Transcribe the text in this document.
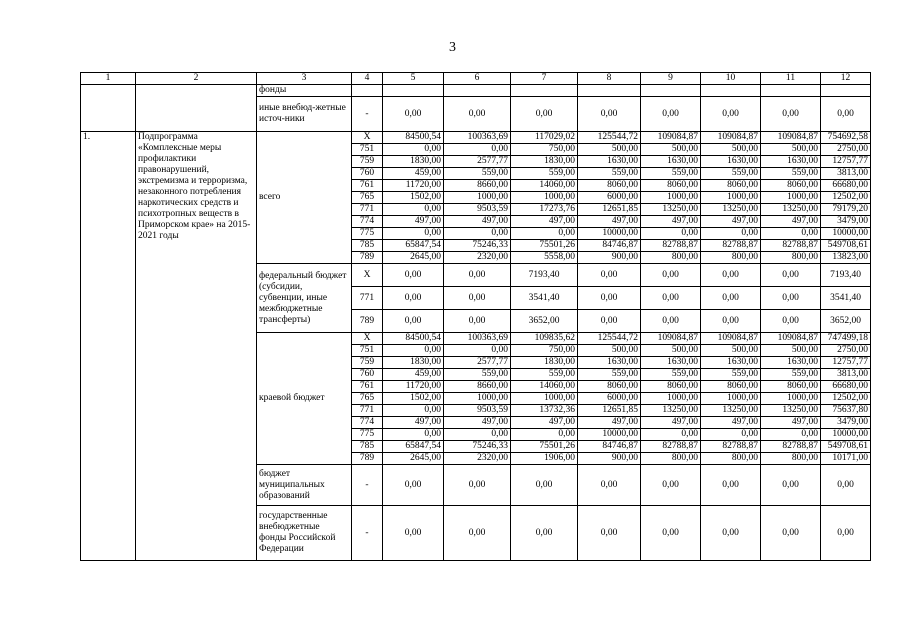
3
1	2	3	4	5	6	7	8	9	10	11	12
		фонды									
		иные внебюд-жетные источ-ники	-	0,00	0,00	0,00	0,00	0,00	0,00	0,00	0,00
1.	Подпрограмма «Комплексные меры профилактики правонарушений, экстремизма и терроризма, незаконного потребления наркотических средств и психотропных веществ в Приморском крае» на 2015-2021 годы	всего	Х	84500,54	100363,69	117029,02	125544,72	109084,87	109084,87	109084,87	754692,58
			751	0,00	0,00	750,00	500,00	500,00	500,00	500,00	2750,00
			759	1830,00	2577,77	1830,00	1630,00	1630,00	1630,00	1630,00	12757,77
			760	459,00	559,00	559,00	559,00	559,00	559,00	559,00	3813,00
			761	11720,00	8660,00	14060,00	8060,00	8060,00	8060,00	8060,00	66680,00
			765	1502,00	1000,00	1000,00	6000,00	1000,00	1000,00	1000,00	12502,00
			771	0,00	9503,59	17273,76	12651,85	13250,00	13250,00	13250,00	79179,20
			774	497,00	497,00	497,00	497,00	497,00	497,00	497,00	3479,00
			775	0,00	0,00	0,00	10000,00	0,00	0,00	0,00	10000,00
			785	65847,54	75246,33	75501,26	84746,87	82788,87	82788,87	82788,87	549708,61
			789	2645,00	2320,00	5558,00	900,00	800,00	800,00	800,00	13823,00
		федеральный бюджет (субсидии, субвенции, иные межбюджетные трансферты)	Х	0,00	0,00	7193,40	0,00	0,00	0,00	0,00	7193,40
			771	0,00	0,00	3541,40	0,00	0,00	0,00	0,00	3541,40
			789	0,00	0,00	3652,00	0,00	0,00	0,00	0,00	3652,00
		краевой бюджет	Х	84500,54	100363,69	109835,62	125544,72	109084,87	109084,87	109084,87	747499,18
			751	0,00	0,00	750,00	500,00	500,00	500,00	500,00	2750,00
			759	1830,00	2577,77	1830,00	1630,00	1630,00	1630,00	1630,00	12757,77
			760	459,00	559,00	559,00	559,00	559,00	559,00	559,00	3813,00
			761	11720,00	8660,00	14060,00	8060,00	8060,00	8060,00	8060,00	66680,00
			765	1502,00	1000,00	1000,00	6000,00	1000,00	1000,00	1000,00	12502,00
			771	0,00	9503,59	13732,36	12651,85	13250,00	13250,00	13250,00	75637,80
			774	497,00	497,00	497,00	497,00	497,00	497,00	497,00	3479,00
			775	0,00	0,00	0,00	10000,00	0,00	0,00	0,00	10000,00
			785	65847,54	75246,33	75501,26	84746,87	82788,87	82788,87	82788,87	549708,61
			789	2645,00	2320,00	1906,00	900,00	800,00	800,00	800,00	10171,00
		бюджет муниципальных образований	-	0,00	0,00	0,00	0,00	0,00	0,00	0,00	0,00
		государственные внебюджетные фонды Российской Федерации	-	0,00	0,00	0,00	0,00	0,00	0,00	0,00	0,00
